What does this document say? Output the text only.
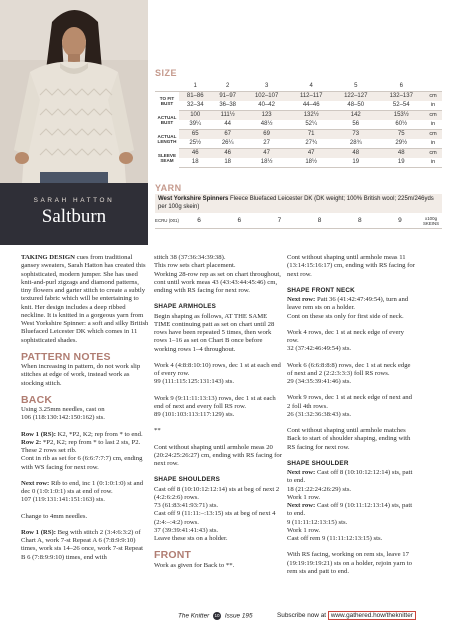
SARAH HATTON
Saltburn
SIZE
	1	2	3	4	5	6	
TO FIT BUST	81–86	91–97	102–107	112–117	122–127	132–137	cm
	32–34	36–38	40–42	44–46	48–50	52–54	in
ACTUAL BUST	100	111½	123	132½	142	153½	cm
	39¼	44	48½	52¼	56	60½	in
ACTUAL LENGTH	65	67	69	71	73	75	cm
	25½	26¼	27	27¾	28¾	29½	in
SLEEVE SEAM	46	46	47	47	48	48	cm
	18	18	18½	18½	19	19	in
YARN
West Yorkshire Spinners Fleece Bluefaced Leicester DK (DK weight; 100% British wool; 225m/246yds per 100g skein)
ECRU (001)	6	6	7	8	8	9	x100g SKEINS

TAKING DESIGN cues from traditional gansey sweaters, Sarah Hatton has created this sophisticated, modern jumper. She has used knit-and-purl zigzags and diamond patterns, tiny flowers and garter stitch to create a subtly textured fabric which will be entertaining to knit. Her design includes a deep ribbed neckline. It is knitted in a gorgeous yarn from West Yorkshire Spinner: a soft and silky British Bluefaced Leicester DK which comes in 11 sophisticated shades.

PATTERN NOTES

When increasing in pattern, do not work slip stitches at edge of work, instead work as stocking stitch.

BACK

Using 3.25mm needles, cast on

106 (118:130:142:150:162) sts.

Row 1 (RS): K2, *P2, K2; rep from * to end.

Row 2: *P2, K2; rep from * to last 2 sts, P2.

These 2 rows set rib.

Cont in rib as set for 6 (6:6:7:7:7) cm, ending with WS facing for next row.

Next row: Rib to end, inc 1 (0:1:0:1:0) st and dec 0 (1:0:1:0:1) sts at end of row.

107 (119:131:141:151:163) sts.

Change to 4mm needles.

Row 1 (RS): Beg with stitch 2 (3:4:6:3:2) of Chart A, work 7-st Repeat A 6 (7:8:9:9:10) times, work sts 14–26 once, work 7-st Repeat B 6 (7:8:9:9:10) times, end with

stitch 38 (37:36:34:39:38).

This row sets chart placement.

Working 28-row rep as set on chart throughout, cont until work meas 43 (43:43:44:45:46) cm, ending with RS facing for next row.

SHAPE ARMHOLES

Begin shaping as follows, AT THE SAME TIME continuing patt as set on chart until 28 rows have been repeated 5 times, then work rows 1–16 as set on Chart B once before working rows 1–4 throughout.

Work 4 (4:8:8:10:10) rows, dec 1 st at each end of every row.

99 (111:115:125:131:143) sts.

Work 9 (9:11:11:13:13) rows, dec 1 st at each end of next and every foll RS row.

89 (101:103:113:117:129) sts.

**

Cont without shaping until armhole meas 20 (20:24:25:26:27) cm, ending with RS facing for next row.

SHAPE SHOULDERS

Cast off 8 (10:10:12:12:14) sts at beg of next 2 (4:2:6:2:6) rows.

73 (61:83:41:93:71) sts.

Cast off 9 (11:11:–:13:15) sts at beg of next 4 (2:4:–:4:2) rows.

37 (39:39:41:41:43) sts.

Leave these sts on a holder.

FRONT

Work as given for Back to **.

Cont without shaping until armhole meas 11 (13:14:15:16:17) cm, ending with RS facing for next row.

SHAPE FRONT NECK

Next row: Patt 36 (41:42:47:49:54), turn and leave rem sts on a holder.

Cont on these sts only for first side of neck.

Work 4 rows, dec 1 st at neck edge of every row.

32 (37:42:46:49:54) sts.

Work 6 (6:6:8:8:8) rows, dec 1 st at neck edge of next and 2 (2:2:3:3:3) foll RS rows.

29 (34:35:39:41:46) sts.

Work 9 rows, dec 1 st at neck edge of next and 2 foll 4th rows.

26 (31:32:36:38:43) sts.

Cont without shaping until armhole matches Back to start of shoulder shaping, ending with RS facing for next row.

SHAPE SHOULDER

Next row: Cast off 8 (10:10:12:12:14) sts, patt to end.

18 (21:22:24:26:29) sts.

Work 1 row.

Next row: Cast off 9 (10:11:12:13:14) sts, patt to end.

9 (11:11:12:13:15) sts.

Work 1 row.

Cast off rem 9 (11:11:12:13:15) sts.

With RS facing, working on rem sts, leave 17 (19:19:19:19:21) sts on a holder, rejoin yarn to rem sts and patt to end.

The Knitter 10 Issue 195	Subscribe now at www.gathered.how/theknitter
